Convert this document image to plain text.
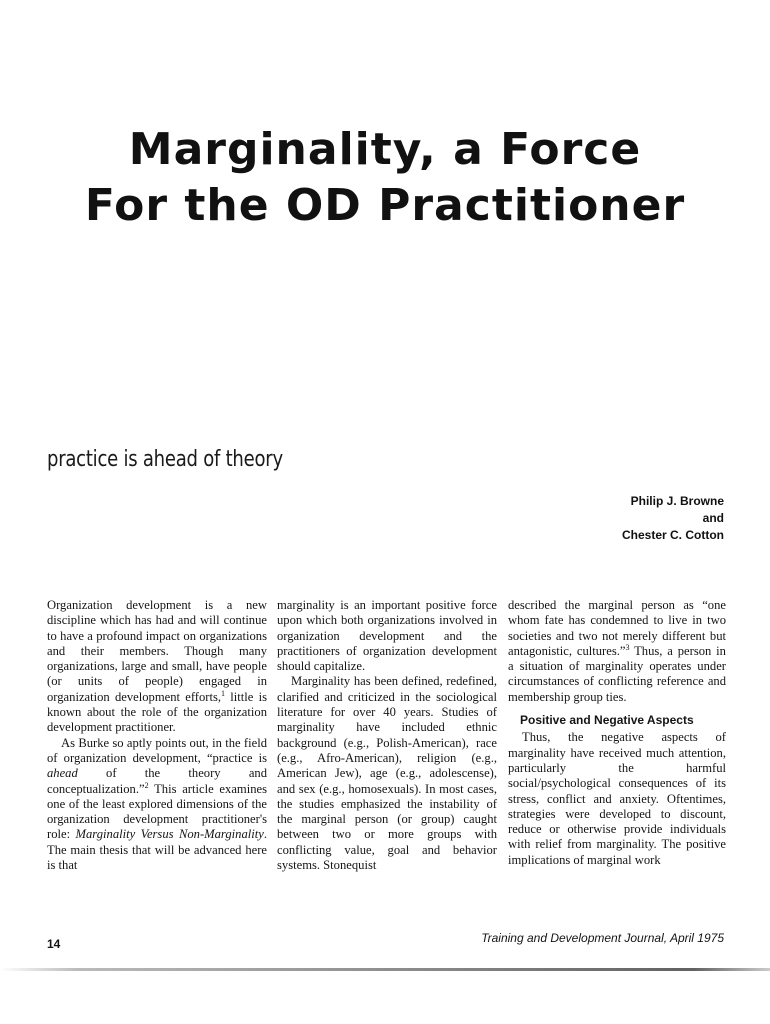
Marginality, a Force
For the OD Practitioner
practice is ahead of theory
Philip J. Browne
and
Chester C. Cotton

Organization development is a new discipline which has had and will continue to have a profound impact on organizations and their members. Though many organizations, large and small, have people (or units of people) engaged in organization development efforts,$^1$ little is known about the role of the organization development practitioner.

As Burke so aptly points out, in the field of organization development, “practice is ahead of the theory and conceptualization.”$^2$ This article examines one of the least explored dimensions of the organization development practitioner's role: Marginality Versus Non-Marginality. The main thesis that will be advanced here is that

marginality is an important positive force upon which both organizations involved in organization development and the practitioners of organization development should capitalize.

Marginality has been defined, redefined, clarified and criticized in the sociological literature for over 40 years. Studies of marginality have included ethnic background (e.g., Polish-American), race (e.g., Afro-American), religion (e.g., American Jew), age (e.g., adolescense), and sex (e.g., homosexuals). In most cases, the studies emphasized the instability of the marginal person (or group) caught between two or more groups with conflicting value, goal and behavior systems. Stonequist

described the marginal person as “one whom fate has condemned to live in two societies and two not merely different but antagonistic, cultures.”$^3$ Thus, a person in a situation of marginality operates under circumstances of conflicting reference and membership group ties.

Positive and Negative Aspects

Thus, the negative aspects of marginality have received much attention, particularly the harmful social/psychological consequences of its stress, conflict and anxiety. Oftentimes, strategies were developed to discount, reduce or otherwise provide individuals with relief from marginality. The positive implications of marginal work

14	Training and Development Journal, April 1975
